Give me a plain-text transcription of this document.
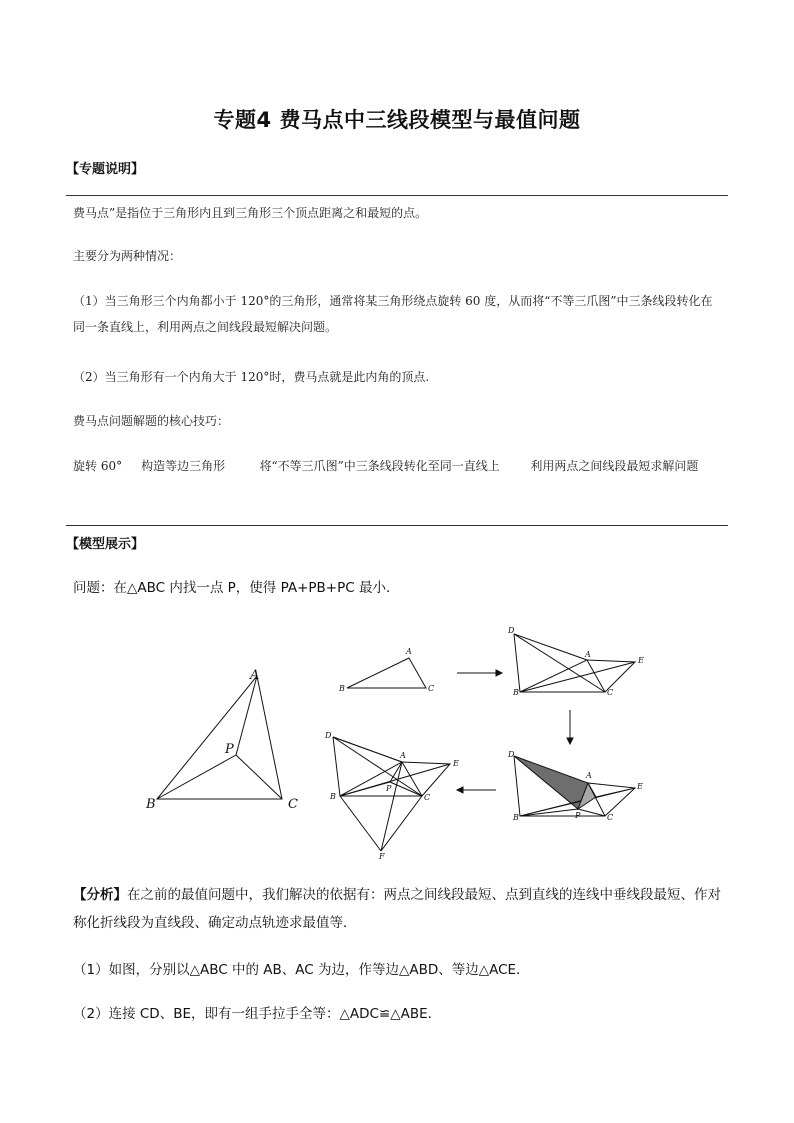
专题4 费马点中三线段模型与最值问题
【专题说明】
费马点”是指位于三角形内且到三角形三个顶点距离之和最短的点。
主要分为两种情况：
（1）当三角形三个内角都小于 120°的三角形，通常将某三角形绕点旋转 60 度，从而将“不等三爪图”中三条线段转化在同一条直线上，利用两点之间线段最短解决问题。
（2）当三角形有一个内角大于 120°时，费马点就是此内角的顶点.
费马点问题解题的核心技巧：
旋转 60° 构造等边三角形	将“不等三爪图”中三条线段转化至同一直线上	利用两点之间线段最短求解问题
【模型展示】
问题：在△ABC 内找一点 P，使得 PA+PB+PC 最小．
A
B	C
P
A
B	C
D
A
E
B	C
D
A
E
P
B	C
D
A
E
P
B	C
F
【分析】在之前的最值问题中，我们解决的依据有：两点之间线段最短、点到直线的连线中垂线段最短、作对称化折线段为直线段、确定动点轨迹求最值等．
（1）如图，分别以△ABC 中的 AB、AC 为边，作等边△ABD、等边△ACE．
（2）连接 CD、BE，即有一组手拉手全等：△ADC≌△ABE．
